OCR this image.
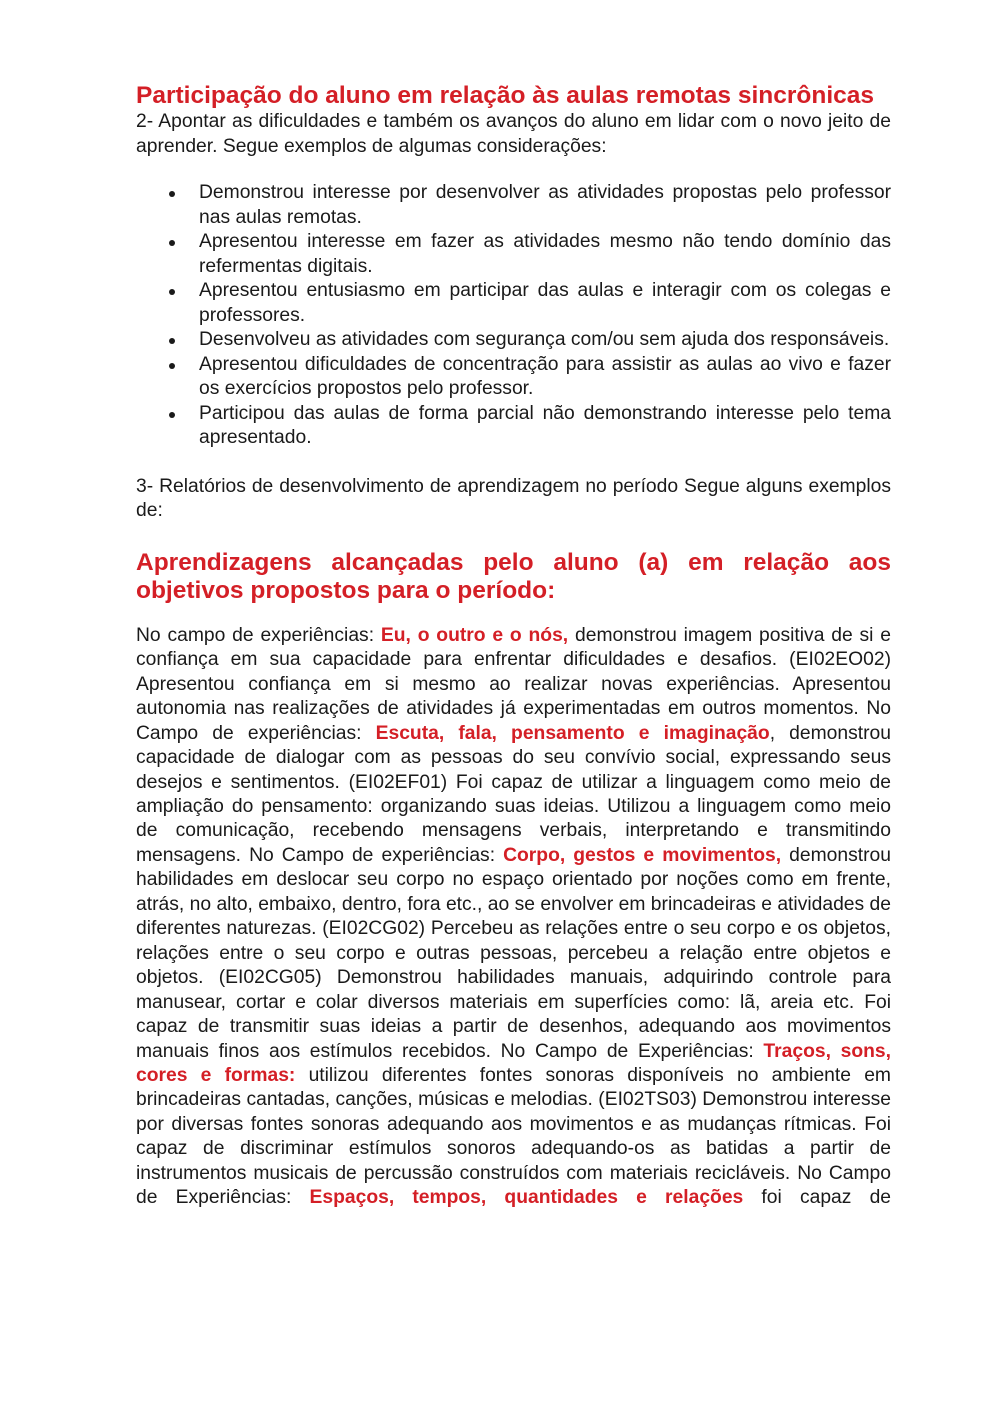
Participação do aluno em relação às aulas remotas sincrônicas

2- Apontar as dificuldades e também os avanços do aluno em lidar com o novo jeito de aprender. Segue exemplos de algumas considerações:

Demonstrou interesse por desenvolver as atividades propostas pelo professor nas aulas remotas.
Apresentou interesse em fazer as atividades mesmo não tendo domínio das refermentas digitais.
Apresentou entusiasmo em participar das aulas e interagir com os colegas e professores.
Desenvolveu as atividades com segurança com/ou sem ajuda dos responsáveis.
Apresentou dificuldades de concentração para assistir as aulas ao vivo e fazer os exercícios propostos pelo professor.
Participou das aulas de forma parcial não demonstrando interesse pelo tema apresentado.

3- Relatórios de desenvolvimento de aprendizagem no período Segue alguns exemplos de:

Aprendizagens alcançadas pelo aluno (a) em relação aos objetivos propostos para o período:

No campo de experiências: Eu, o outro e o nós, demonstrou imagem positiva de si e confiança em sua capacidade para enfrentar dificuldades e desafios. (EI02EO02) Apresentou confiança em si mesmo ao realizar novas experiências. Apresentou autonomia nas realizações de atividades já experimentadas em outros momentos. No Campo de experiências: Escuta, fala, pensamento e imaginação, demonstrou capacidade de dialogar com as pessoas do seu convívio social, expressando seus desejos e sentimentos. (EI02EF01) Foi capaz de utilizar a linguagem como meio de ampliação do pensamento: organizando suas ideias. Utilizou a linguagem como meio de comunicação, recebendo mensagens verbais, interpretando e transmitindo mensagens. No Campo de experiências: Corpo, gestos e movimentos, demonstrou habilidades em deslocar seu corpo no espaço orientado por noções como em frente, atrás, no alto, embaixo, dentro, fora etc., ao se envolver em brincadeiras e atividades de diferentes naturezas. (EI02CG02) Percebeu as relações entre o seu corpo e os objetos, relações entre o seu corpo e outras pessoas, percebeu a relação entre objetos e objetos. (EI02CG05) Demonstrou habilidades manuais, adquirindo controle para manusear, cortar e colar diversos materiais em superfícies como: lã, areia etc. Foi capaz de transmitir suas ideias a partir de desenhos, adequando aos movimentos manuais finos aos estímulos recebidos. No Campo de Experiências: Traços, sons, cores e formas: utilizou diferentes fontes sonoras disponíveis no ambiente em brincadeiras cantadas, canções, músicas e melodias. (EI02TS03) Demonstrou interesse por diversas fontes sonoras adequando aos movimentos e as mudanças rítmicas. Foi capaz de discriminar estímulos sonoros adequando-os as batidas a partir de instrumentos musicais de percussão construídos com materiais recicláveis. No Campo de Experiências: Espaços, tempos, quantidades e relações foi capaz de
